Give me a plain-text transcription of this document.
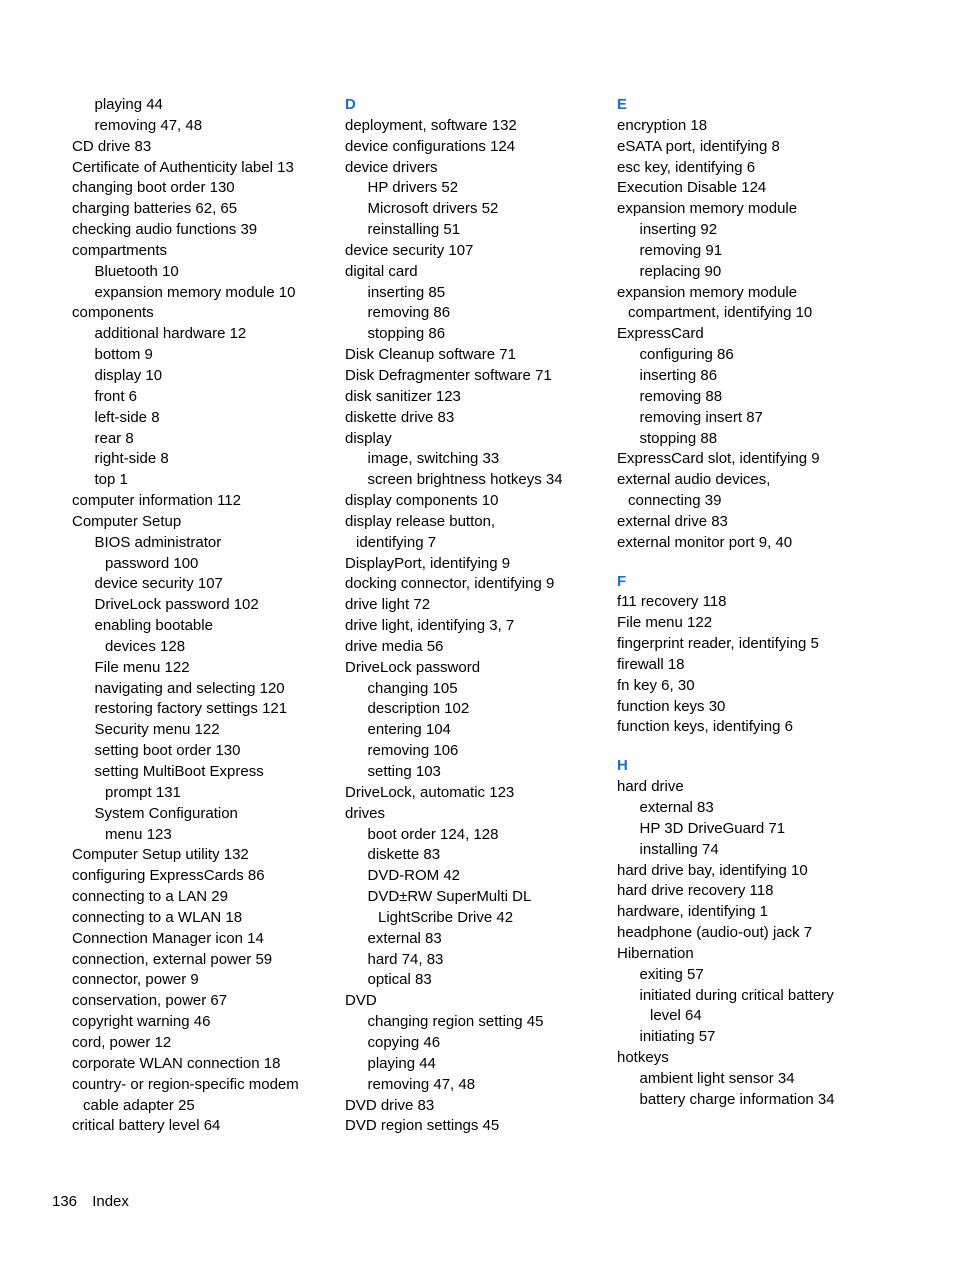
playing 44
removing 47, 48
CD drive 83
Certificate of Authenticity label 13
changing boot order 130
charging batteries 62, 65
checking audio functions 39
compartments
Bluetooth 10
expansion memory module 10
components
additional hardware 12
bottom 9
display 10
front 6
left-side 8
rear 8
right-side 8
top 1
computer information 112
Computer Setup
BIOS administrator
password 100
device security 107
DriveLock password 102
enabling bootable
devices 128
File menu 122
navigating and selecting 120
restoring factory settings 121
Security menu 122
setting boot order 130
setting MultiBoot Express
prompt 131
System Configuration
menu 123
Computer Setup utility 132
configuring ExpressCards 86
connecting to a LAN 29
connecting to a WLAN 18
Connection Manager icon 14
connection, external power 59
connector, power 9
conservation, power 67
copyright warning 46
cord, power 12
corporate WLAN connection 18
country- or region-specific modem
cable adapter 25
critical battery level 64
D
deployment, software 132
device configurations 124
device drivers
HP drivers 52
Microsoft drivers 52
reinstalling 51
device security 107
digital card
inserting 85
removing 86
stopping 86
Disk Cleanup software 71
Disk Defragmenter software 71
disk sanitizer 123
diskette drive 83
display
image, switching 33
screen brightness hotkeys 34
display components 10
display release button,
identifying 7
DisplayPort, identifying 9
docking connector, identifying 9
drive light 72
drive light, identifying 3, 7
drive media 56
DriveLock password
changing 105
description 102
entering 104
removing 106
setting 103
DriveLock, automatic 123
drives
boot order 124, 128
diskette 83
DVD-ROM 42
DVD±RW SuperMulti DL
LightScribe Drive 42
external 83
hard 74, 83
optical 83
DVD
changing region setting 45
copying 46
playing 44
removing 47, 48
DVD drive 83
DVD region settings 45
E
encryption 18
eSATA port, identifying 8
esc key, identifying 6
Execution Disable 124
expansion memory module
inserting 92
removing 91
replacing 90
expansion memory module
compartment, identifying 10
ExpressCard
configuring 86
inserting 86
removing 88
removing insert 87
stopping 88
ExpressCard slot, identifying 9
external audio devices,
connecting 39
external drive 83
external monitor port 9, 40
F
f11 recovery 118
File menu 122
fingerprint reader, identifying 5
firewall 18
fn key 6, 30
function keys 30
function keys, identifying 6
H
hard drive
external 83
HP 3D DriveGuard 71
installing 74
hard drive bay, identifying 10
hard drive recovery 118
hardware, identifying 1
headphone (audio-out) jack 7
Hibernation
exiting 57
initiated during critical battery
level 64
initiating 57
hotkeys
ambient light sensor 34
battery charge information 34
136 Index
